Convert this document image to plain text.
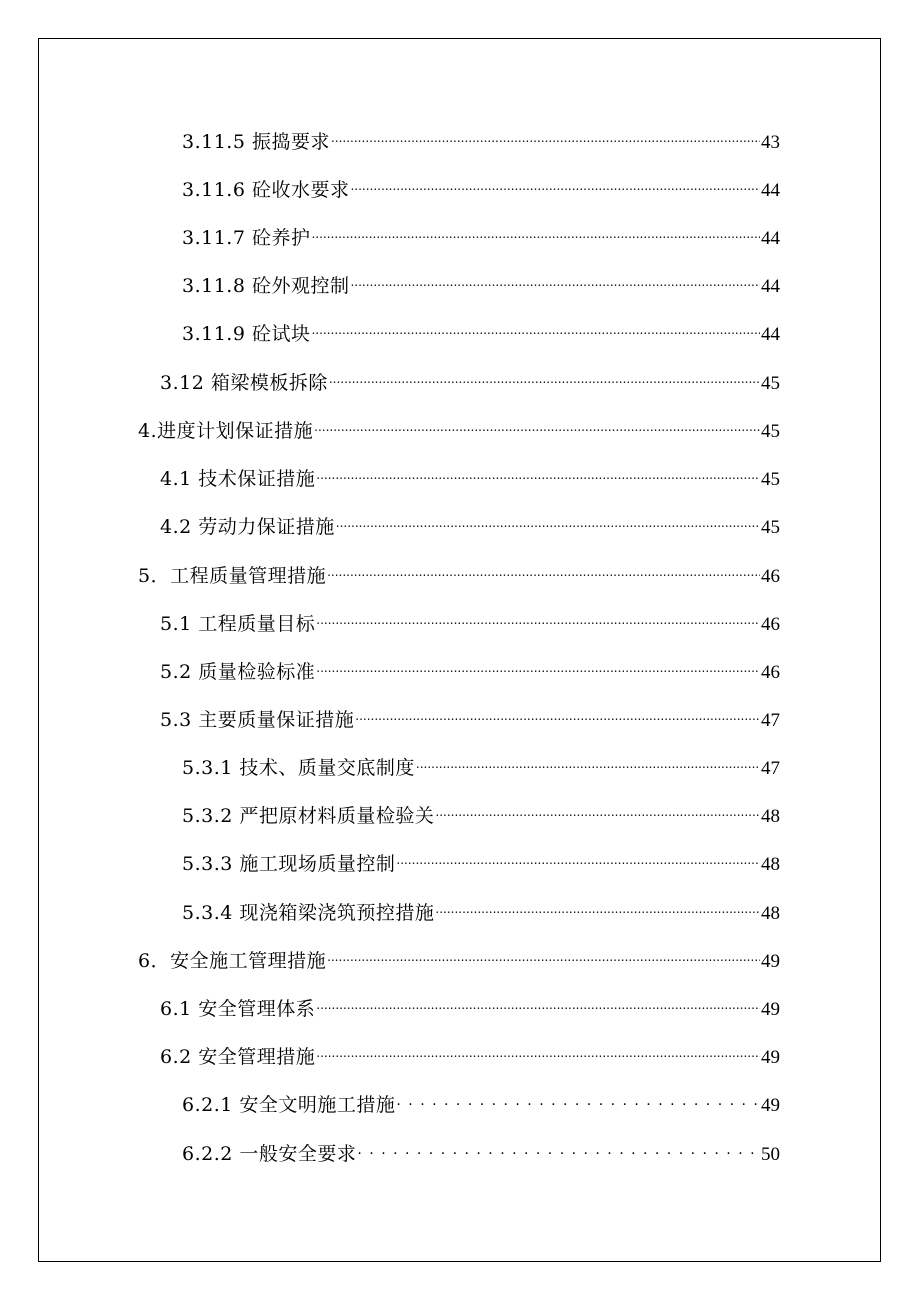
3.11.5 振捣要求 .....	43
3.11.6 砼收水要求 .....	44
3.11.7 砼养护 .....	44
3.11.8 砼外观控制 .....	44
3.11.9 砼试块 .....	44
3.12 箱梁模板拆除 .....	45
4.进度计划保证措施 .....	45
4.1 技术保证措施 .....	45
4.2 劳动力保证措施 .....	45
5．工程质量管理措施 .....	46
5.1 工程质量目标 .....	46
5.2 质量检验标准 .....	46
5.3 主要质量保证措施 .....	47
5.3.1 技术、质量交底制度 .....	47
5.3.2 严把原材料质量检验关 .....	48
5.3.3 施工现场质量控制 .....	48
5.3.4 现浇箱梁浇筑预控措施 .....	48
6．安全施工管理措施 .....	49
6.1 安全管理体系 .....	49
6.2 安全管理措施 .....	49
6.2.1 安全文明施工措施 . . .	49
6.2.2 一般安全要求 . . .	50
